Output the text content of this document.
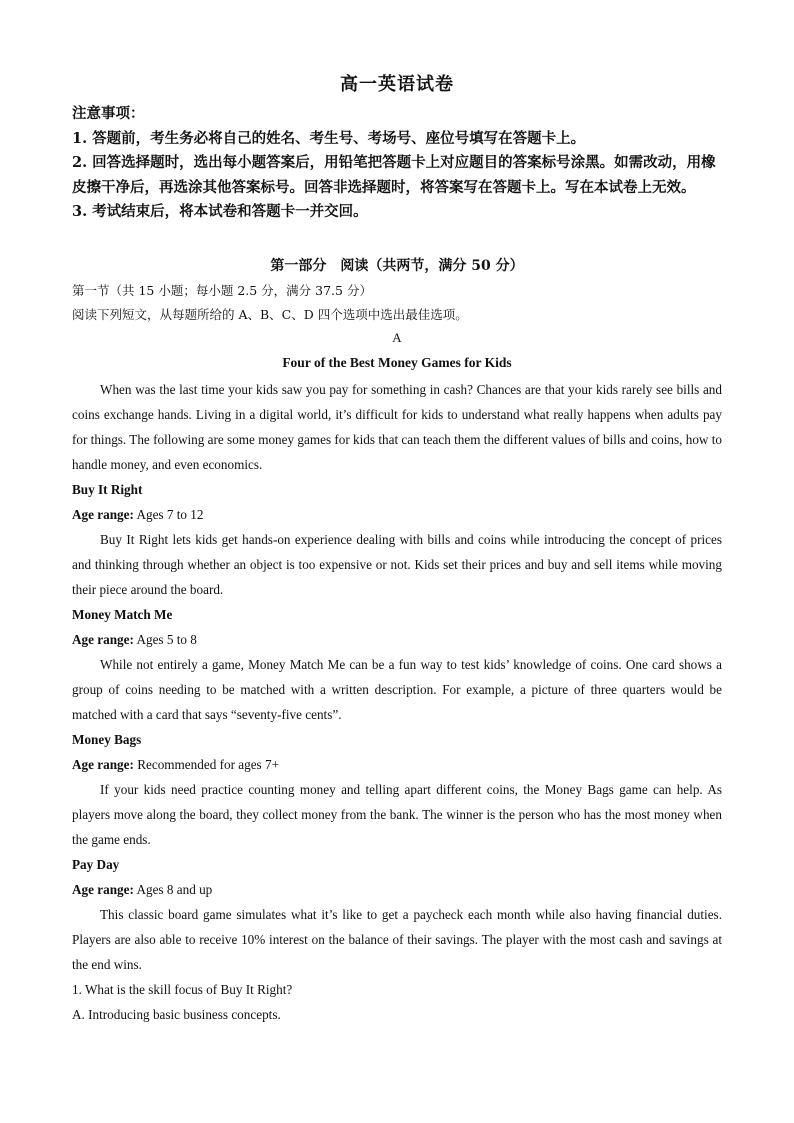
高一英语试卷

注意事项：

1. 答题前，考生务必将自己的姓名、考生号、考场号、座位号填写在答题卡上。

2. 回答选择题时，选出每小题答案后，用铅笔把答题卡上对应题目的答案标号涂黑。如需改动，用橡皮擦干净后，再选涂其他答案标号。回答非选择题时，将答案写在答题卡上。写在本试卷上无效。

3. 考试结束后，将本试卷和答题卡一并交回。

第一部分　阅读（共两节，满分 50 分）
第一节（共 15 小题；每小题 2.5 分，满分 37.5 分）
阅读下列短文，从每题所给的 A、B、C、D 四个选项中选出最佳选项。
A
Four of the Best Money Games for Kids

When was the last time your kids saw you pay for something in cash? Chances are that your kids rarely see bills and coins exchange hands. Living in a digital world, it’s difficult for kids to understand what really happens when adults pay for things. The following are some money games for kids that can teach them the different values of bills and coins, how to handle money, and even economics.

Buy It Right

Age range: Ages 7 to 12

Buy It Right lets kids get hands-on experience dealing with bills and coins while introducing the concept of prices and thinking through whether an object is too expensive or not. Kids set their prices and buy and sell items while moving their piece around the board.

Money Match Me

Age range: Ages 5 to 8

While not entirely a game, Money Match Me can be a fun way to test kids’ knowledge of coins. One card shows a group of coins needing to be matched with a written description. For example, a picture of three quarters would be matched with a card that says “seventy-five cents”.

Money Bags

Age range: Recommended for ages 7+

If your kids need practice counting money and telling apart different coins, the Money Bags game can help. As players move along the board, they collect money from the bank. The winner is the person who has the most money when the game ends.

Pay Day

Age range: Ages 8 and up

This classic board game simulates what it’s like to get a paycheck each month while also having financial duties. Players are also able to receive 10% interest on the balance of their savings. The player with the most cash and savings at the end wins.

1. What is the skill focus of Buy It Right?

A. Introducing basic business concepts.
